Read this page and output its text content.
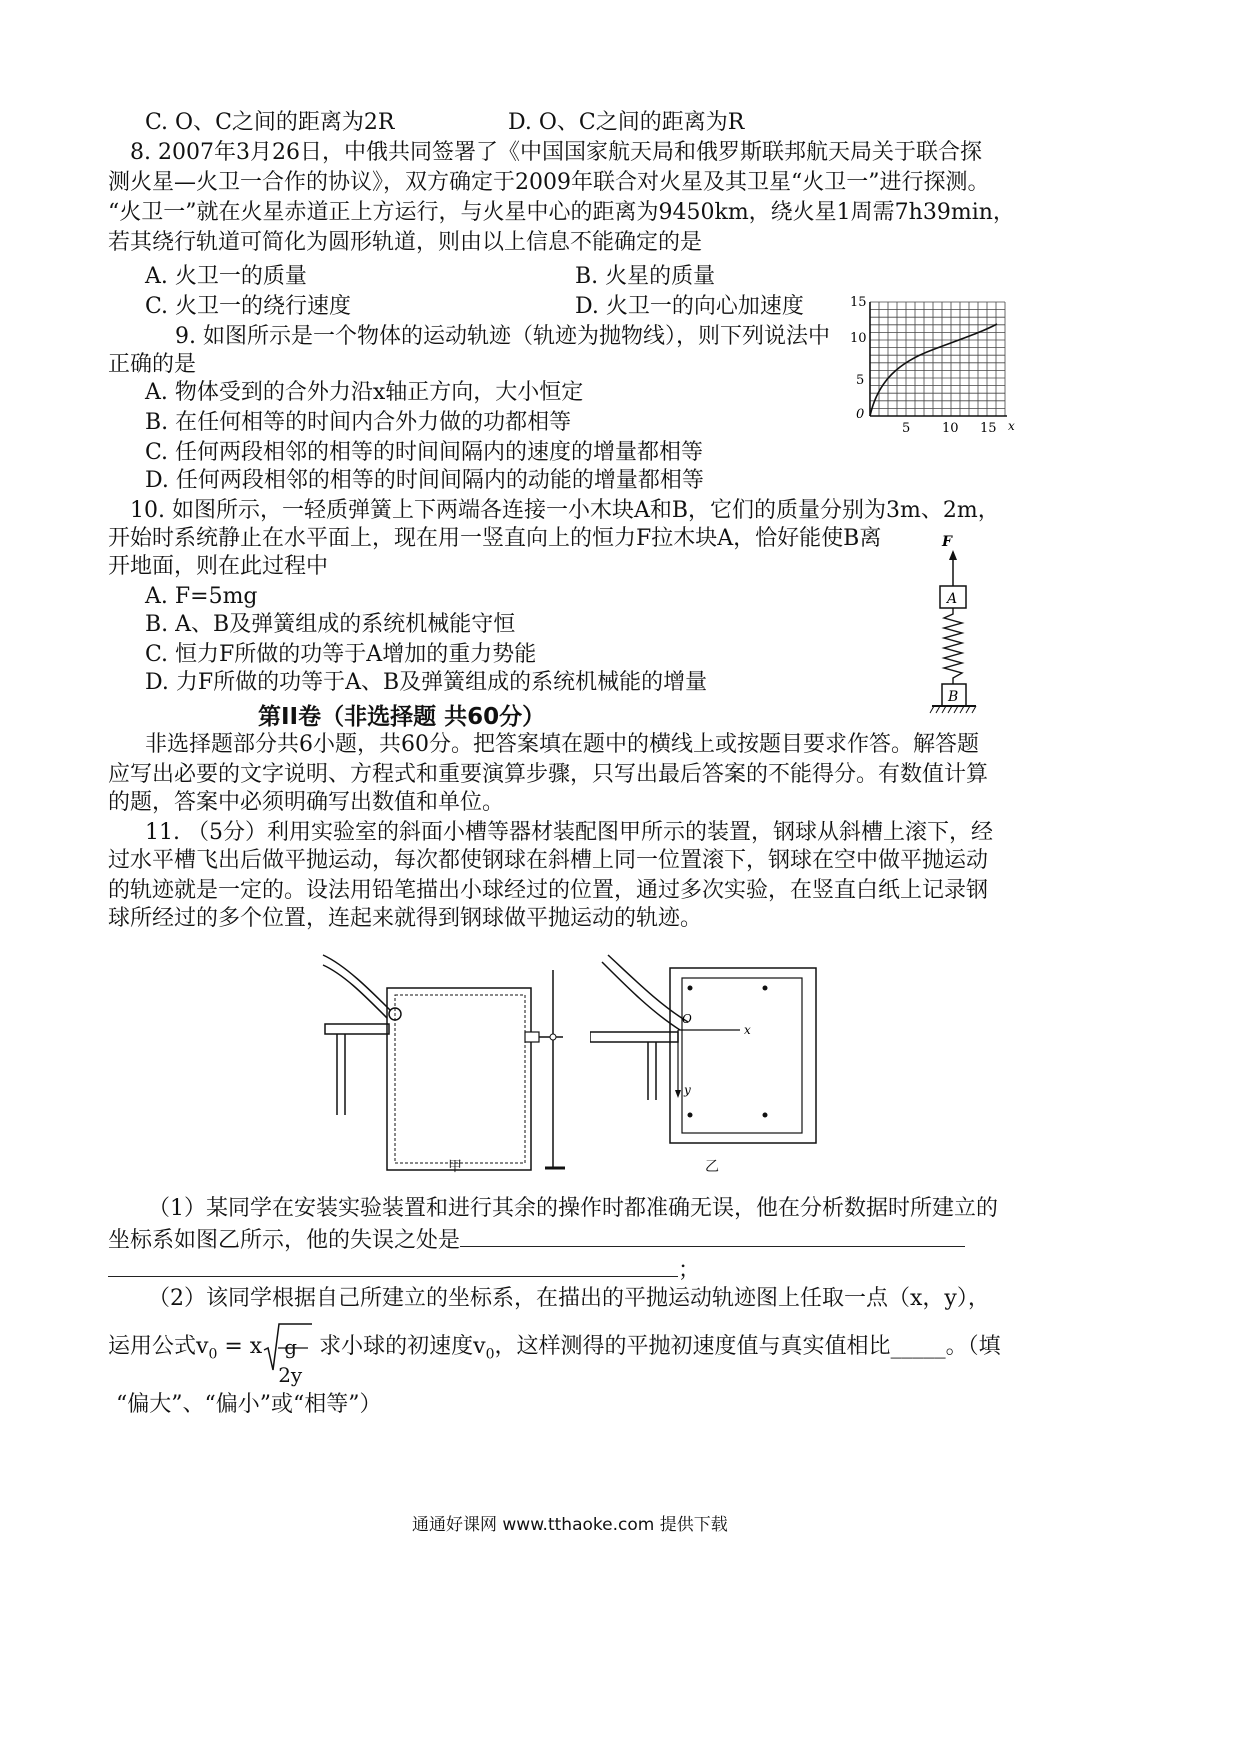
C. O、C之间的距离为2R	D. O、C之间的距离为R
8. 2007年3月26日，中俄共同签署了《中国国家航天局和俄罗斯联邦航天局关于联合探
测火星—火卫一合作的协议》，双方确定于2009年联合对火星及其卫星“火卫一”进行探测。
“火卫一”就在火星赤道正上方运行，与火星中心的距离为9450km，绕火星1周需7h39min，
若其绕行轨道可简化为圆形轨道，则由以上信息不能确定的是
A. 火卫一的质量	B. 火星的质量
C. 火卫一的绕行速度	D. 火卫一的向心加速度
9. 如图所示是一个物体的运动轨迹（轨迹为抛物线），则下列说法中
正确的是
A. 物体受到的合外力沿x轴正方向，大小恒定
B. 在任何相等的时间内合外力做的功都相等
C. 任何两段相邻的相等的时间间隔内的速度的增量都相等
D. 任何两段相邻的相等的时间间隔内的动能的增量都相等
15
10
5
0
5 10 15 x
10. 如图所示，一轻质弹簧上下两端各连接一小木块A和B，它们的质量分别为3m、2m，
开始时系统静止在水平面上，现在用一竖直向上的恒力F拉木块A，恰好能使B离
开地面，则在此过程中
A. F=5mg
B. A、B及弹簧组成的系统机械能守恒
C. 恒力F所做的功等于A增加的重力势能
D. 力F所做的功等于A、B及弹簧组成的系统机械能的增量
F
A
B
第II卷（非选择题 共60分）
非选择题部分共6小题，共60分。把答案填在题中的横线上或按题目要求作答。解答题
应写出必要的文字说明、方程式和重要演算步骤，只写出最后答案的不能得分。有数值计算
的题，答案中必须明确写出数值和单位。
11. （5分）利用实验室的斜面小槽等器材装配图甲所示的装置，钢球从斜槽上滚下，经
过水平槽飞出后做平抛运动，每次都使钢球在斜槽上同一位置滚下，钢球在空中做平抛运动
的轨迹就是一定的。设法用铅笔描出小球经过的位置，通过多次实验，在竖直白纸上记录钢
球所经过的多个位置，连起来就得到钢球做平抛运动的轨迹。
甲
O
x
y
乙
（1）某同学在安装实验装置和进行其余的操作时都准确无误，他在分析数据时所建立的
坐标系如图乙所示，他的失误之处是
；
（2）该同学根据自己所建立的坐标系，在描出的平抛运动轨迹图上任取一点（x，y），
运用公式$v_0 = x$ g
2y
求小球的初速度$v_0$，这样测得的平抛初速度值与真实值相比_____。（填
“偏大”、“偏小”或“相等”）
通通好课网 www.tthaoke.com 提供下载
